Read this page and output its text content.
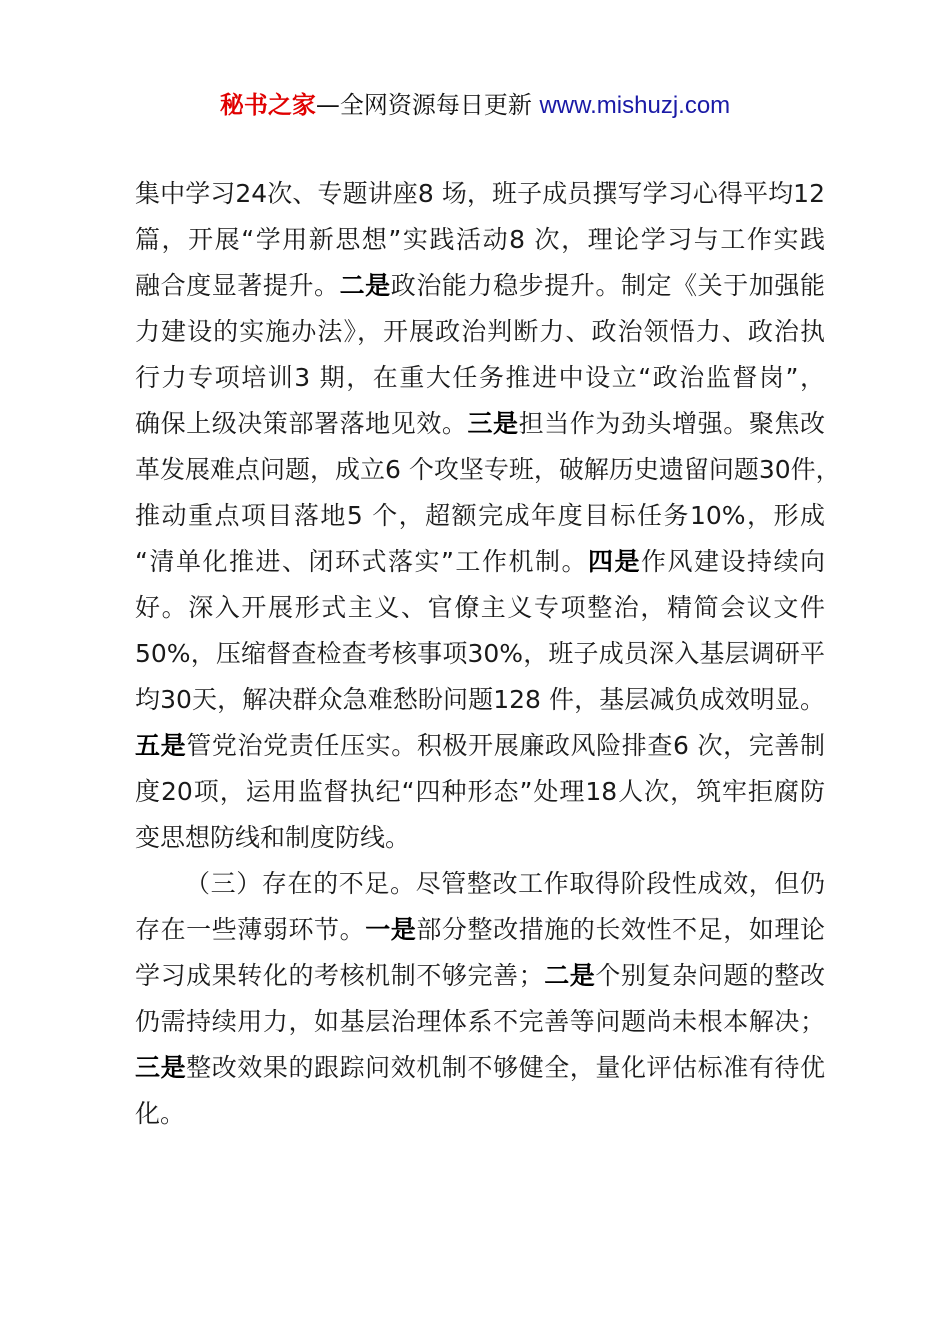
秘书之家—全网资源每日更新 www.mishuzj.com
集中学习24次、专题讲座8 场，班子成员撰写学习心得平均12
篇，开展“学用新思想”实践活动8 次，理论学习与工作实践
融合度显著提升。二是政治能力稳步提升。制定《关于加强能
力建设的实施办法》，开展政治判断力、政治领悟力、政治执
行力专项培训3 期，在重大任务推进中设立“政治监督岗”，
确保上级决策部署落地见效。三是担当作为劲头增强。聚焦改
革发展难点问题，成立6 个攻坚专班，破解历史遗留问题30件，
推动重点项目落地5 个，超额完成年度目标任务10%，形成
“清单化推进、闭环式落实”工作机制。四是作风建设持续向
好。深入开展形式主义、官僚主义专项整治，精简会议文件
50%，压缩督查检查考核事项30%，班子成员深入基层调研平
均30天，解决群众急难愁盼问题128 件，基层减负成效明显。
五是管党治党责任压实。积极开展廉政风险排查6 次，完善制
度20项，运用监督执纪“四种形态”处理18人次，筑牢拒腐防
变思想防线和制度防线。
（三）存在的不足。尽管整改工作取得阶段性成效，但仍
存在一些薄弱环节。一是部分整改措施的长效性不足，如理论
学习成果转化的考核机制不够完善；二是个别复杂问题的整改
仍需持续用力，如基层治理体系不完善等问题尚未根本解决；
三是整改效果的跟踪问效机制不够健全，量化评估标准有待优
化。
